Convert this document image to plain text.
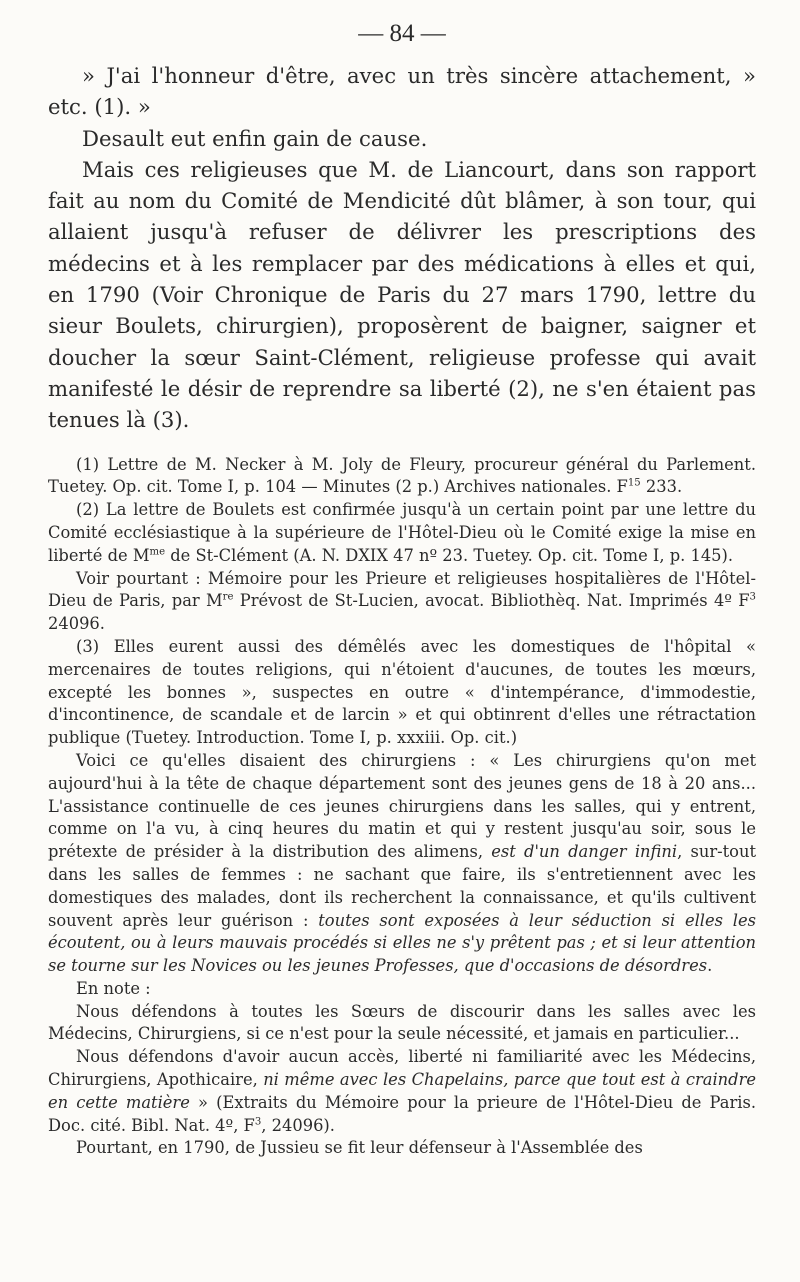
— 84 —

» J'ai l'honneur d'être, avec un très sincère attachement, » etc. (1). »

Desault eut enfin gain de cause.

Mais ces religieuses que M. de Liancourt, dans son rapport fait au nom du Comité de Mendicité dût blâmer, à son tour, qui allaient jusqu'à refuser de délivrer les prescriptions des médecins et à les remplacer par des médications à elles et qui, en 1790 (Voir Chronique de Paris du 27 mars 1790, lettre du sieur Boulets, chirurgien), proposèrent de baigner, saigner et doucher la sœur Saint-Clément, religieuse professe qui avait manifesté le désir de reprendre sa liberté (2), ne s'en étaient pas tenues là (3).

(1) Lettre de M. Necker à M. Joly de Fleury, procureur général du Parlement. Tuetey. Op. cit. Tome I, p. 104 — Minutes (2 p.) Archives nationales. $F^{15}$ 233.

(2) La lettre de Boulets est confirmée jusqu'à un certain point par une lettre du Comité ecclésiastique à la supérieure de l'Hôtel-Dieu où le Comité exige la mise en liberté de $M^{me}$ de St-Clément (A. N. DXIX 47 nº 23. Tuetey. Op. cit. Tome I, p. 145).

Voir pourtant : Mémoire pour les Prieure et religieuses hospitalières de l'Hôtel-Dieu de Paris, par Mre Prévost de St-Lucien, avocat. Bibliothèq. Nat. Imprimés 4º $F^3$ 24096.

(3) Elles eurent aussi des démêlés avec les domestiques de l'hôpital « mercenaires de toutes religions, qui n'étoient d'aucunes, de toutes les mœurs, excepté les bonnes », suspectes en outre « d'intempérance, d'immodestie, d'incontinence, de scandale et de larcin » et qui obtinrent d'elles une rétractation publique (Tuetey. Introduction. Tome I, p. xxxiii. Op. cit.)

Voici ce qu'elles disaient des chirurgiens : « Les chirurgiens qu'on met aujourd'hui à la tête de chaque département sont des jeunes gens de 18 à 20 ans... L'assistance continuelle de ces jeunes chirurgiens dans les salles, qui y entrent, comme on l'a vu, à cinq heures du matin et qui y restent jusqu'au soir, sous le prétexte de présider à la distribution des alimens, est d'un danger infini, sur-tout dans les salles de femmes : ne sachant que faire, ils s'entretiennent avec les domestiques des malades, dont ils recherchent la connaissance, et qu'ils cultivent souvent après leur guérison : toutes sont exposées à leur séduction si elles les écoutent, ou à leurs mauvais procédés si elles ne s'y prêtent pas ; et si leur attention se tourne sur les Novices ou les jeunes Professes, que d'occasions de désordres.

En note :

Nous défendons à toutes les Sœurs de discourir dans les salles avec les Médecins, Chirurgiens, si ce n'est pour la seule nécessité, et jamais en particulier...

Nous défendons d'avoir aucun accès, liberté ni familiarité avec les Médecins, Chirurgiens, Apothicaire, ni même avec les Chapelains, parce que tout est à craindre en cette matière » (Extraits du Mémoire pour la prieure de l'Hôtel-Dieu de Paris. Doc. cité. Bibl. Nat. 4º, $F^3$, 24096).

Pourtant, en 1790, de Jussieu se fit leur défenseur à l'Assemblée des
